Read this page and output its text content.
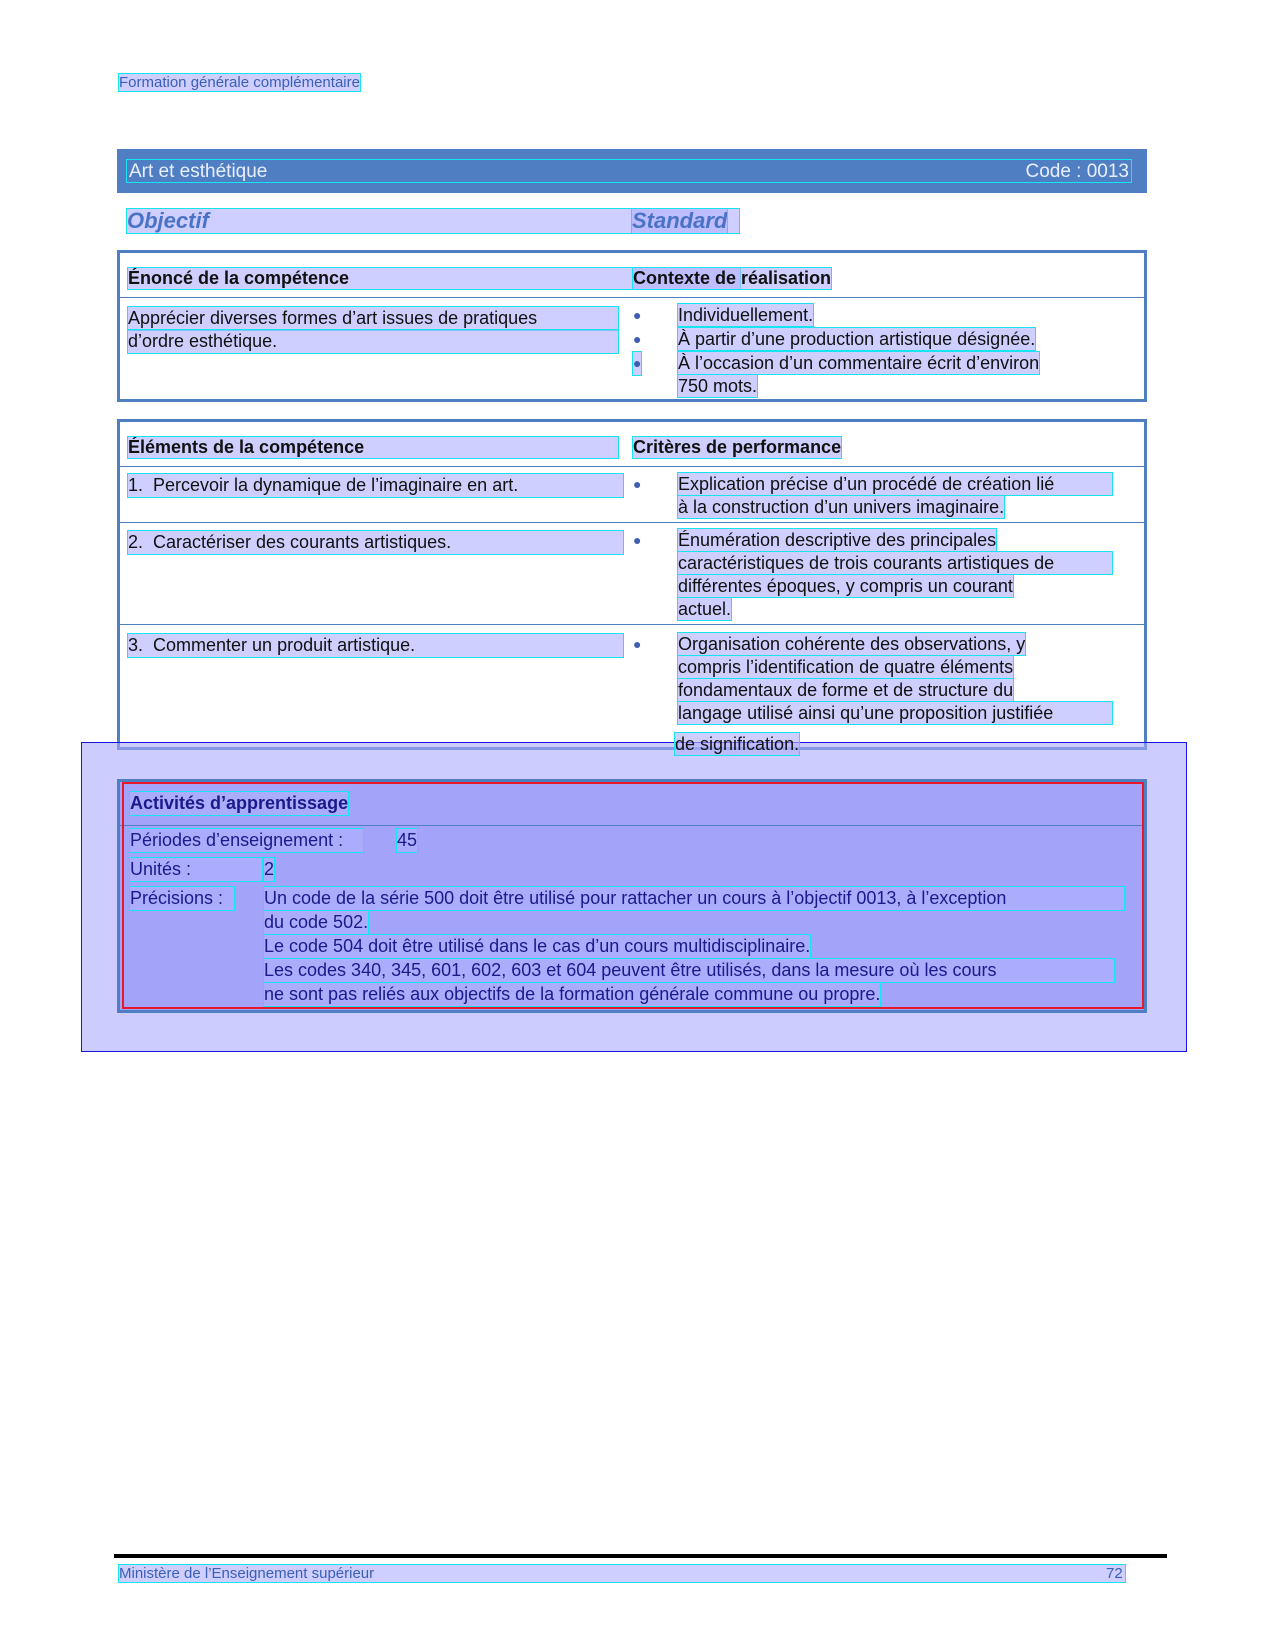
Formation générale complémentaire
Art et esthétique	Code : 0013
Objectif	Standard
Énoncé de la compétence	Contexte de réalisation
Apprécier diverses formes d’art issues de pratiques
d’ordre esthétique.
● Individuellement.
● À partir d’une production artistique désignée.
● À l’occasion d’un commentaire écrit d’environ
750 mots.
Éléments de la compétence	Critères de performance
1.  Percevoir la dynamique de l’imaginaire en art.	● Explication précise d’un procédé de création lié
à la construction d’un univers imaginaire.
2.  Caractériser des courants artistiques.	● Énumération descriptive des principales
caractéristiques de trois courants artistiques de
différentes époques, y compris un courant
actuel.
3.  Commenter un produit artistique.	● Organisation cohérente des observations, y
compris l’identification de quatre éléments
fondamentaux de forme et de structure du
langage utilisé ainsi qu’une proposition justifiée
de signification.
Activités d’apprentissage
Périodes d’enseignement :	45
Unités :	2
Précisions :	Un code de la série 500 doit être utilisé pour rattacher un cours à l’objectif 0013, à l’exception
du code 502.
Le code 504 doit être utilisé dans le cas d’un cours multidisciplinaire.
Les codes 340, 345, 601, 602, 603 et 604 peuvent être utilisés, dans la mesure où les cours
ne sont pas reliés aux objectifs de la formation générale commune ou propre.
Ministère de l’Enseignement supérieur	72
